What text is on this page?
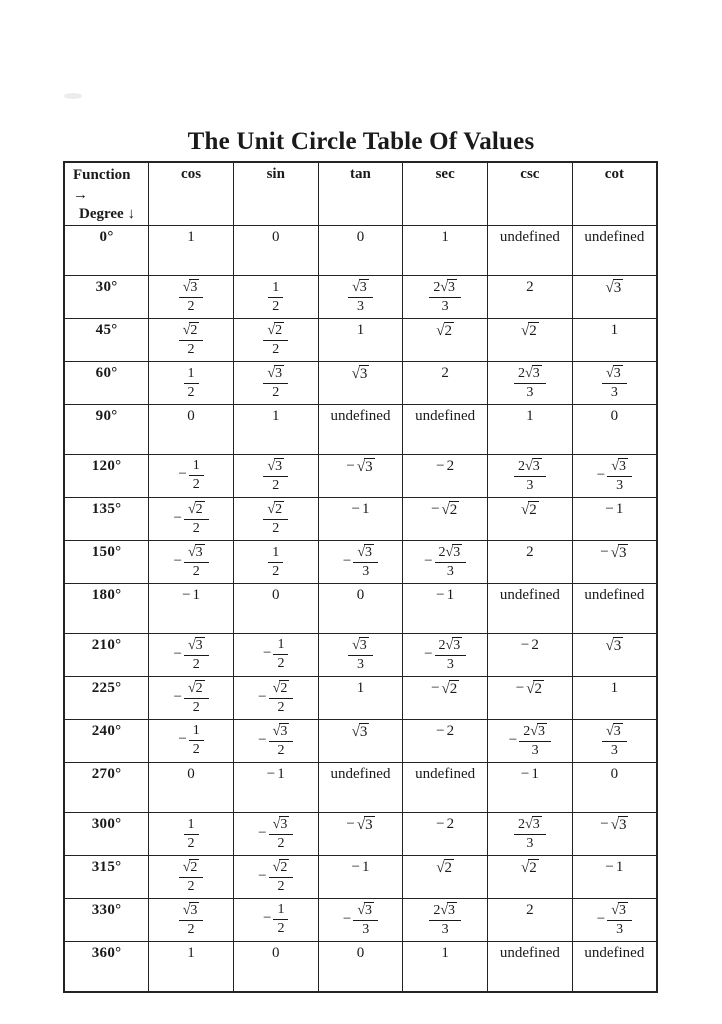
The Unit Circle Table Of Values
Function →
Degree ↓	cos	sin	tan	sec	csc	cot
0°	1	0	0	1	undefined	undefined

30°	$\frac{√3}{2}$	$\frac{1}{2}$	$\frac{√3}{3}$	$\frac{2√3}{3}$	2	√3

45°	$\frac{√2}{2}$	$\frac{√2}{2}$	1	√2	√2	1

60°	$\frac{1}{2}$	$\frac{√3}{2}$	√3	2	$\frac{2√3}{3}$	$\frac{√3}{3}$

90°	0	1	undefined	undefined	1	0

120°	− $\frac{1}{2}$	$\frac{√3}{2}$	− √3	− 2	$\frac{2√3}{3}$	− $\frac{√3}{3}$

135°	− $\frac{√2}{2}$	$\frac{√2}{2}$	− 1	− √2	√2	− 1

150°	− $\frac{√3}{2}$	$\frac{1}{2}$	− $\frac{√3}{3}$	− $\frac{2√3}{3}$	2	− √3

180°	− 1	0	0	− 1	undefined	undefined

210°	− $\frac{√3}{2}$	− $\frac{1}{2}$	$\frac{√3}{3}$	− $\frac{2√3}{3}$	− 2	√3

225°	− $\frac{√2}{2}$	− $\frac{√2}{2}$	1	− √2	− √2	1

240°	− $\frac{1}{2}$	− $\frac{√3}{2}$	√3	− 2	− $\frac{2√3}{3}$	$\frac{√3}{3}$

270°	0	− 1	undefined	undefined	− 1	0

300°	$\frac{1}{2}$	− $\frac{√3}{2}$	− √3	− 2	$\frac{2√3}{3}$	− √3

315°	$\frac{√2}{2}$	− $\frac{√2}{2}$	− 1	√2	√2	− 1

330°	$\frac{√3}{2}$	− $\frac{1}{2}$	− $\frac{√3}{3}$	$\frac{2√3}{3}$	2	− $\frac{√3}{3}$

360°	1	0	0	1	undefined	undefined
